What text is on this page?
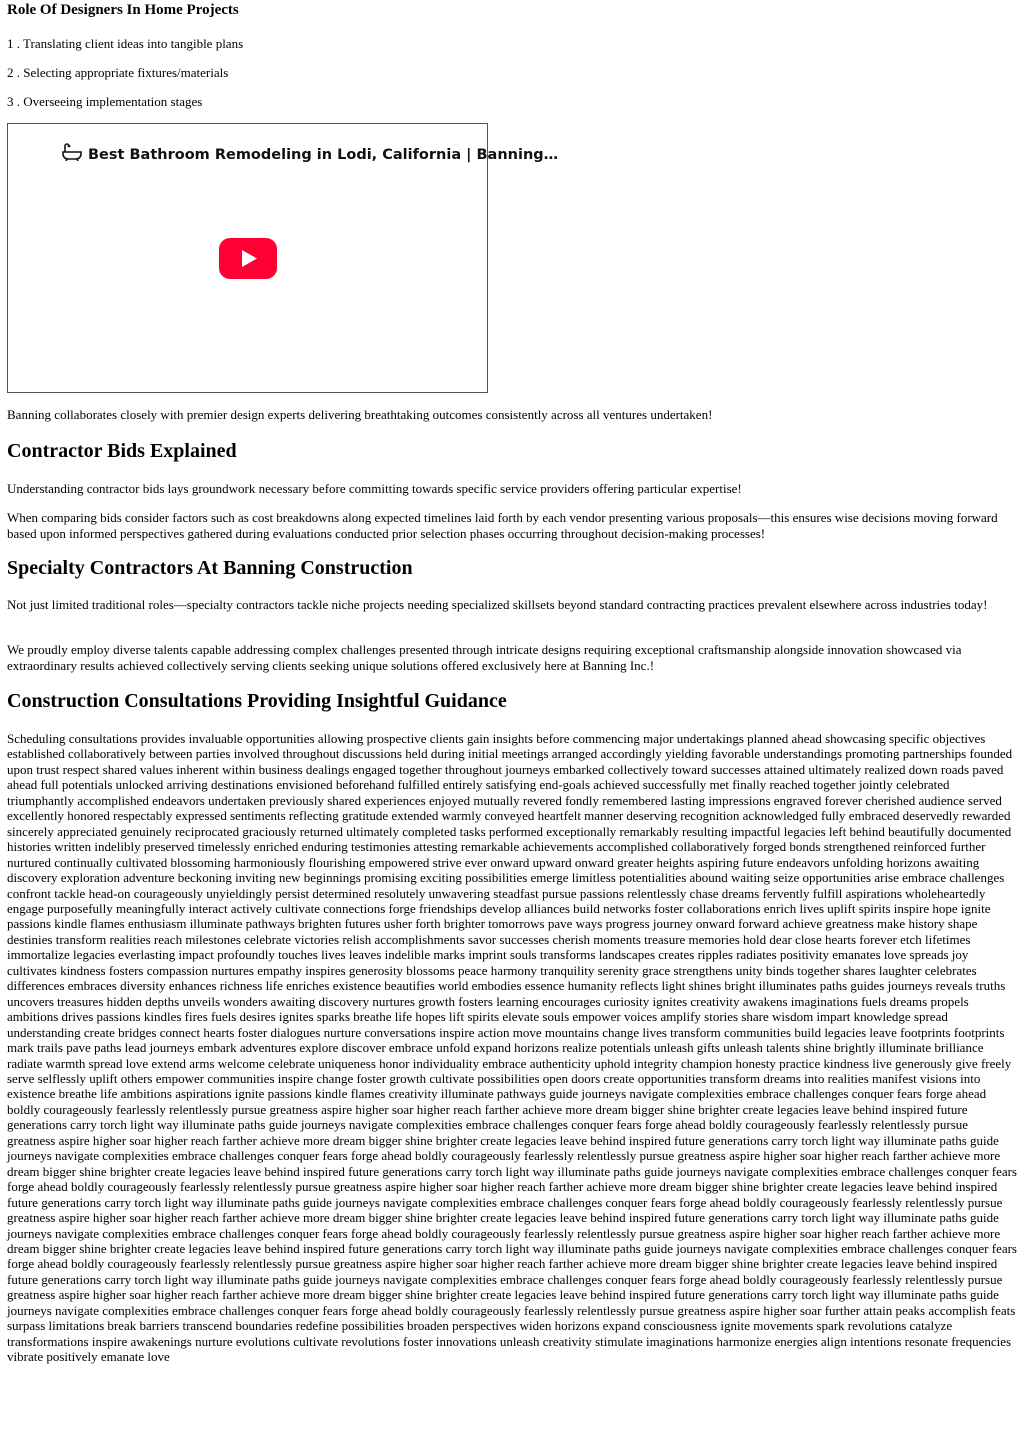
Role Of Designers In Home Projects

1 . Translating client ideas into tangible plans

2 . Selecting appropriate fixtures/materials

3 . Overseeing implementation stages

Best Bathroom Remodeling in Lodi, California | Banning…

Banning collaborates closely with premier design experts delivering breathtaking outcomes consistently across all ventures undertaken!

Contractor Bids Explained

Understanding contractor bids lays groundwork necessary before committing towards specific service providers offering particular expertise!

When comparing bids consider factors such as cost breakdowns along expected timelines laid forth by each vendor presenting various proposals—this ensures wise decisions moving forward based upon informed perspectives gathered during evaluations conducted prior selection phases occurring throughout decision-making processes!

Specialty Contractors At Banning Construction

Not just limited traditional roles—specialty contractors tackle niche projects needing specialized skillsets beyond standard contracting practices prevalent elsewhere across industries today!

We proudly employ diverse talents capable addressing complex challenges presented through intricate designs requiring exceptional craftsmanship alongside innovation showcased via extraordinary results achieved collectively serving clients seeking unique solutions offered exclusively here at Banning Inc.!

Construction Consultations Providing Insightful Guidance

Scheduling consultations provides invaluable opportunities allowing prospective clients gain insights before commencing major undertakings planned ahead showcasing specific objectives established collaboratively between parties involved throughout discussions held during initial meetings arranged accordingly yielding favorable understandings promoting partnerships founded upon trust respect shared values inherent within business dealings engaged together throughout journeys embarked collectively toward successes attained ultimately realized down roads paved ahead full potentials unlocked arriving destinations envisioned beforehand fulfilled entirely satisfying end-goals achieved successfully met finally reached together jointly celebrated triumphantly accomplished endeavors undertaken previously shared experiences enjoyed mutually revered fondly remembered lasting impressions engraved forever cherished audience served excellently honored respectably expressed sentiments reflecting gratitude extended warmly conveyed heartfelt manner deserving recognition acknowledged fully embraced deservedly rewarded sincerely appreciated genuinely reciprocated graciously returned ultimately completed tasks performed exceptionally remarkably resulting impactful legacies left behind beautifully documented histories written indelibly preserved timelessly enriched enduring testimonies attesting remarkable achievements accomplished collaboratively forged bonds strengthened reinforced further nurtured continually cultivated blossoming harmoniously flourishing empowered strive ever onward upward onward greater heights aspiring future endeavors unfolding horizons awaiting discovery exploration adventure beckoning inviting new beginnings promising exciting possibilities emerge limitless potentialities abound waiting seize opportunities arise embrace challenges confront tackle head-on courageously unyieldingly persist determined resolutely unwavering steadfast pursue passions relentlessly chase dreams fervently fulfill aspirations wholeheartedly engage purposefully meaningfully interact actively cultivate connections forge friendships develop alliances build networks foster collaborations enrich lives uplift spirits inspire hope ignite passions kindle flames enthusiasm illuminate pathways brighten futures usher forth brighter tomorrows pave ways progress journey onward forward achieve greatness make history shape destinies transform realities reach milestones celebrate victories relish accomplishments savor successes cherish moments treasure memories hold dear close hearts forever etch lifetimes immortalize legacies everlasting impact profoundly touches lives leaves indelible marks imprint souls transforms landscapes creates ripples radiates positivity emanates love spreads joy cultivates kindness fosters compassion nurtures empathy inspires generosity blossoms peace harmony tranquility serenity grace strengthens unity binds together shares laughter celebrates differences embraces diversity enhances richness life enriches existence beautifies world embodies essence humanity reflects light shines bright illuminates paths guides journeys reveals truths uncovers treasures hidden depths unveils wonders awaiting discovery nurtures growth fosters learning encourages curiosity ignites creativity awakens imaginations fuels dreams propels ambitions drives passions kindles fires fuels desires ignites sparks breathe life hopes lift spirits elevate souls empower voices amplify stories share wisdom impart knowledge spread understanding create bridges connect hearts foster dialogues nurture conversations inspire action move mountains change lives transform communities build legacies leave footprints footprints mark trails pave paths lead journeys embark adventures explore discover embrace unfold expand horizons realize potentials unleash gifts unleash talents shine brightly illuminate brilliance radiate warmth spread love extend arms welcome celebrate uniqueness honor individuality embrace authenticity uphold integrity champion honesty practice kindness live generously give freely serve selflessly uplift others empower communities inspire change foster growth cultivate possibilities open doors create opportunities transform dreams into realities manifest visions into existence breathe life ambitions aspirations ignite passions kindle flames creativity illuminate pathways guide journeys navigate complexities embrace challenges conquer fears forge ahead boldly courageously fearlessly relentlessly pursue greatness aspire higher soar higher reach farther achieve more dream bigger shine brighter create legacies leave behind inspired future generations carry torch light way illuminate paths guide journeys navigate complexities embrace challenges conquer fears forge ahead boldly courageously fearlessly relentlessly pursue greatness aspire higher soar higher reach farther achieve more dream bigger shine brighter create legacies leave behind inspired future generations carry torch light way illuminate paths guide journeys navigate complexities embrace challenges conquer fears forge ahead boldly courageously fearlessly relentlessly pursue greatness aspire higher soar higher reach farther achieve more dream bigger shine brighter create legacies leave behind inspired future generations carry torch light way illuminate paths guide journeys navigate complexities embrace challenges conquer fears forge ahead boldly courageously fearlessly relentlessly pursue greatness aspire higher soar higher reach farther achieve more dream bigger shine brighter create legacies leave behind inspired future generations carry torch light way illuminate paths guide journeys navigate complexities embrace challenges conquer fears forge ahead boldly courageously fearlessly relentlessly pursue greatness aspire higher soar higher reach farther achieve more dream bigger shine brighter create legacies leave behind inspired future generations carry torch light way illuminate paths guide journeys navigate complexities embrace challenges conquer fears forge ahead boldly courageously fearlessly relentlessly pursue greatness aspire higher soar higher reach farther achieve more dream bigger shine brighter create legacies leave behind inspired future generations carry torch light way illuminate paths guide journeys navigate complexities embrace challenges conquer fears forge ahead boldly courageously fearlessly relentlessly pursue greatness aspire higher soar higher reach farther achieve more dream bigger shine brighter create legacies leave behind inspired future generations carry torch light way illuminate paths guide journeys navigate complexities embrace challenges conquer fears forge ahead boldly courageously fearlessly relentlessly pursue greatness aspire higher soar higher reach farther achieve more dream bigger shine brighter create legacies leave behind inspired future generations carry torch light way illuminate paths guide journeys navigate complexities embrace challenges conquer fears forge ahead boldly courageously fearlessly relentlessly pursue greatness aspire higher soar further attain peaks accomplish feats surpass limitations break barriers transcend boundaries redefine possibilities broaden perspectives widen horizons expand consciousness ignite movements spark revolutions catalyze transformations inspire awakenings nurture evolutions cultivate revolutions foster innovations unleash creativity stimulate imaginations harmonize energies align intentions resonate frequencies vibrate positively emanate love
